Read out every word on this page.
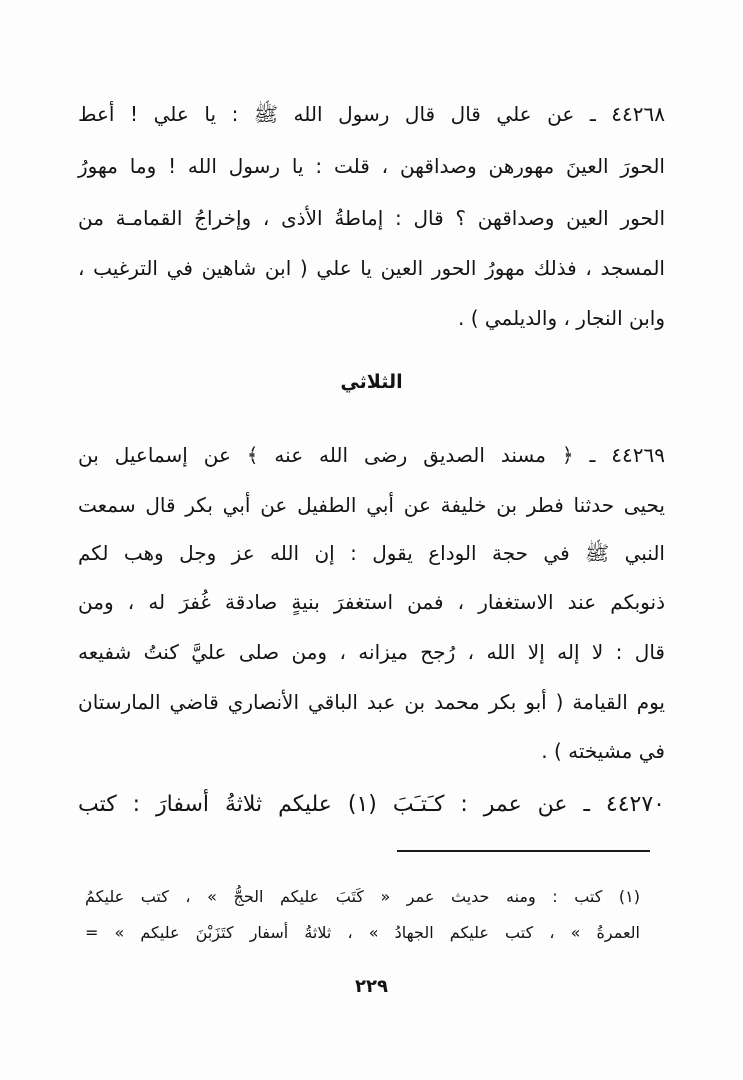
٤٤٢٦٨ ـ عن علي قال قال رسول الله ﷺ : يا علي ! أعط

الحورَ العينَ مهورهن وصداقهن ، قلت : يا رسول الله ! وما مهورُ

الحور العين وصداقهن ؟ قال : إماطةُ الأذى ، وإخراجُ القمامـة من

المسجد ، فذلك مهورُ الحور العين يا علي ( ابن شاهين في الترغيب ،

وابن النجار ، والديلمي ) .

الثلاثي

٤٤٢٦٩ ـ ﴿ مسند الصديق رضى الله عنه ﴾ عن إسماعيل بن

يحيى حدثنا فطر بن خليفة عن أبي الطفيل عن أبي بكر قال سمعت

النبي ﷺ في حجة الوداع يقول : إن الله عز وجل وهب لكم

ذنوبكم عند الاستغفار ، فمن استغفرَ بنيةٍ صادقة غُفرَ له ، ومن

قال : لا إله إلا الله ، رُجح ميزانه ، ومن صلى عليَّ كنتُ شفيعه

يوم القيامة ( أبو بكر محمد بن عبد الباقي الأنصاري قاضي المارستان

في مشيخته ) .

٤٤٢٧٠ ـ عن عمر : كـَتـَبَ (١) عليكم ثلاثةُ أسفارَ : كتب

(١) كتب : ومنه حديث عمر « كَتَبَ عليكم الحجُّ » ، كتب عليكمُ

العمرةُ » ، كتب عليكم الجهادُ » ، ثلاثةُ أسفار كتَزَبْنَ عليكم » =

٢٢٩
